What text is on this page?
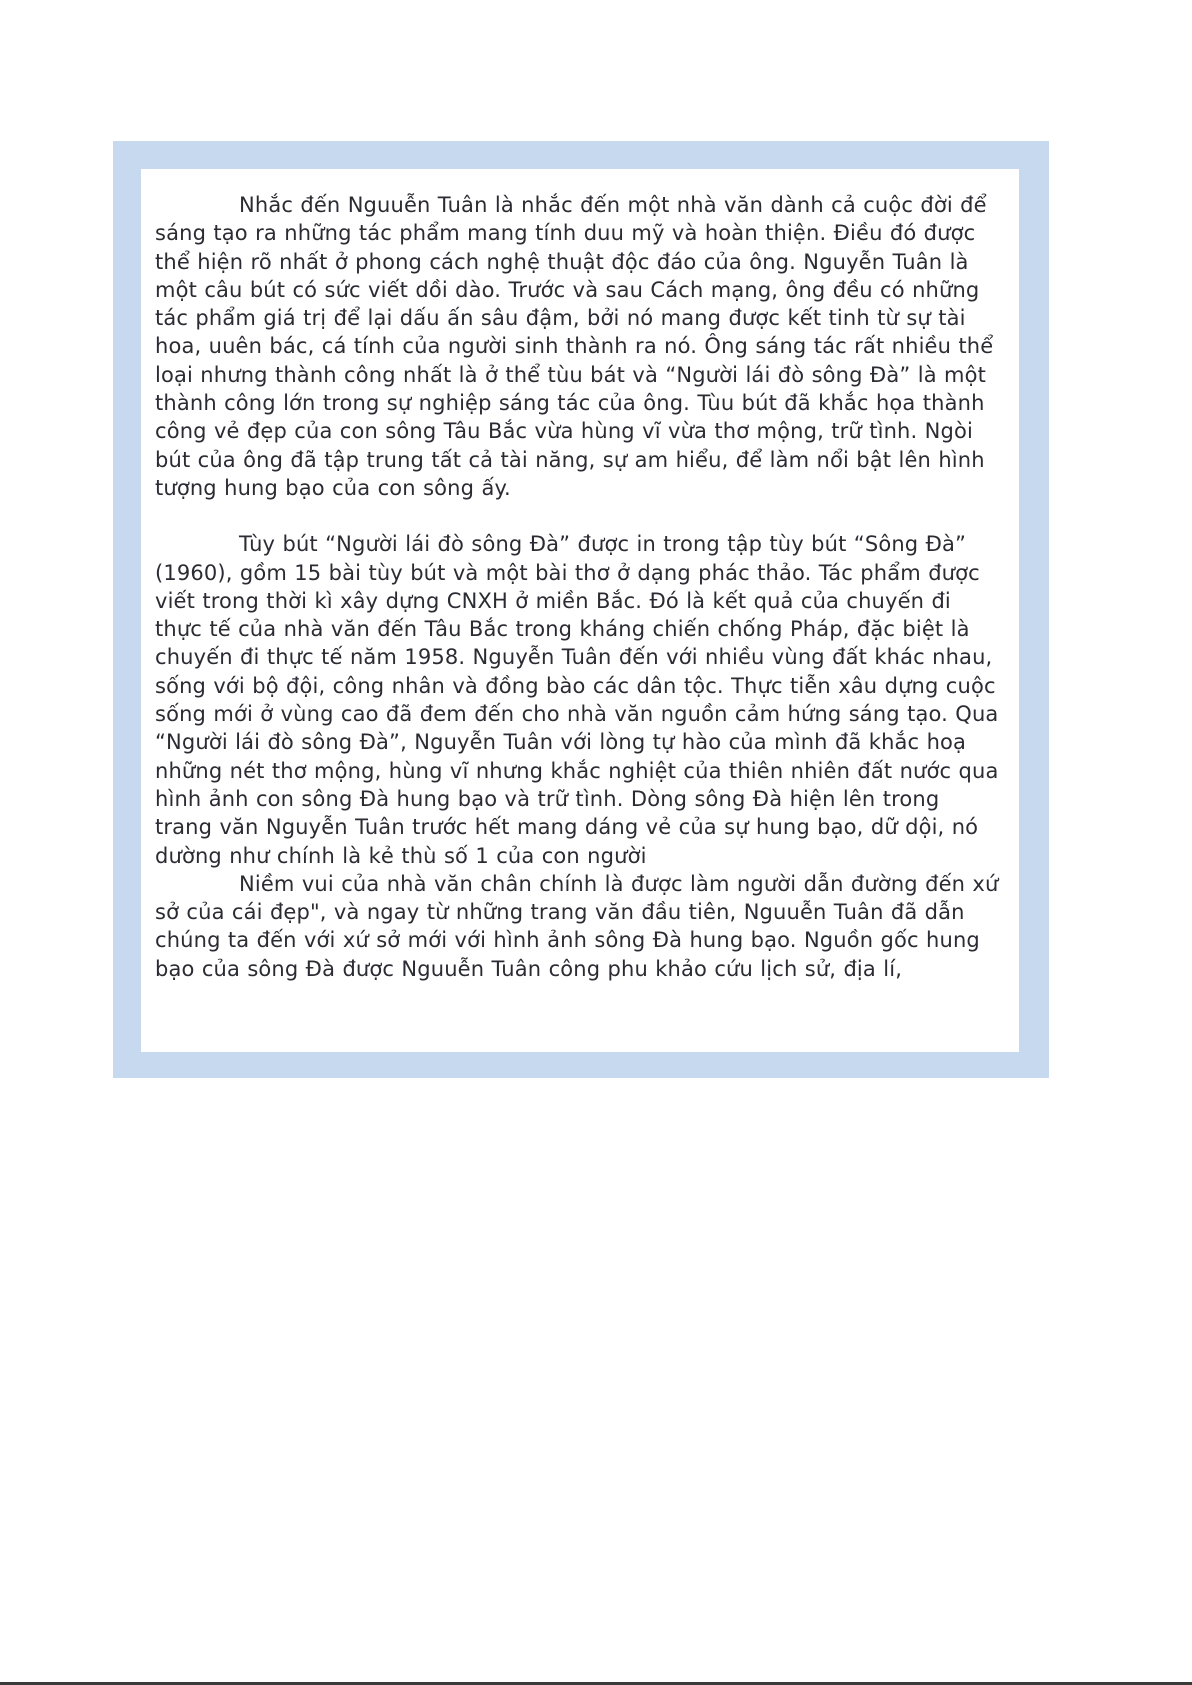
Nhắc đến Nguuễn Tuân là nhắc đến một nhà văn dành cả cuộc đời để sáng tạo ra những tác phẩm mang tính duu mỹ và hoàn thiện. Điều đó được thể hiện rõ nhất ở phong cách nghệ thuật độc đáo của ông. Nguyễn Tuân là một câu bút có sức viết dồi dào. Trước và sau Cách mạng, ông đều có những tác phẩm giá trị để lại dấu ấn sâu đậm, bởi nó mang được kết tinh từ sự tài hoa, uuên bác, cá tính của người sinh thành ra nó. Ông sáng tác rất nhiều thể loại nhưng thành công nhất là ở thể tùu bát và “Người lái đò sông Đà” là một thành công lớn trong sự nghiệp sáng tác của ông. Tùu bút đã khắc họa thành công vẻ đẹp của con sông Tâu Bắc vừa hùng vĩ vừa thơ mộng, trữ tình. Ngòi bút của ông đã tập trung tất cả tài năng, sự am hiểu, để làm nổi bật lên hình tượng hung bạo của con sông ấy.

Tùy bút “Người lái đò sông Đà” được in trong tập tùy bút “Sông Đà” (1960), gồm 15 bài tùy bút và một bài thơ ở dạng phác thảo. Tác phẩm được viết trong thời kì xây dựng CNXH ở miền Bắc. Đó là kết quả của chuyến đi thực tế của nhà văn đến Tâu Bắc trong kháng chiến chống Pháp, đặc biệt là chuyến đi thực tế năm 1958. Nguyễn Tuân đến với nhiều vùng đất khác nhau, sống với bộ đội, công nhân và đồng bào các dân tộc. Thực tiễn xâu dựng cuộc sống mới ở vùng cao đã đem đến cho nhà văn nguồn cảm hứng sáng tạo. Qua “Người lái đò sông Đà”, Nguyễn Tuân với lòng tự hào của mình đã khắc hoạ những nét thơ mộng, hùng vĩ nhưng khắc nghiệt của thiên nhiên đất nước qua hình ảnh con sông Đà hung bạo và trữ tình. Dòng sông Đà hiện lên trong trang văn Nguyễn Tuân trước hết mang dáng vẻ của sự hung bạo, dữ dội, nó dường như chính là kẻ thù số 1 của con người

Niềm vui của nhà văn chân chính là được làm người dẫn đường đến xứ sở của cái đẹp", và ngay từ những trang văn đầu tiên, Nguuễn Tuân đã dẫn chúng ta đến với xứ sở mới với hình ảnh sông Đà hung bạo. Nguồn gốc hung bạo của sông Đà được Nguuễn Tuân công phu khảo cứu lịch sử, địa lí,
